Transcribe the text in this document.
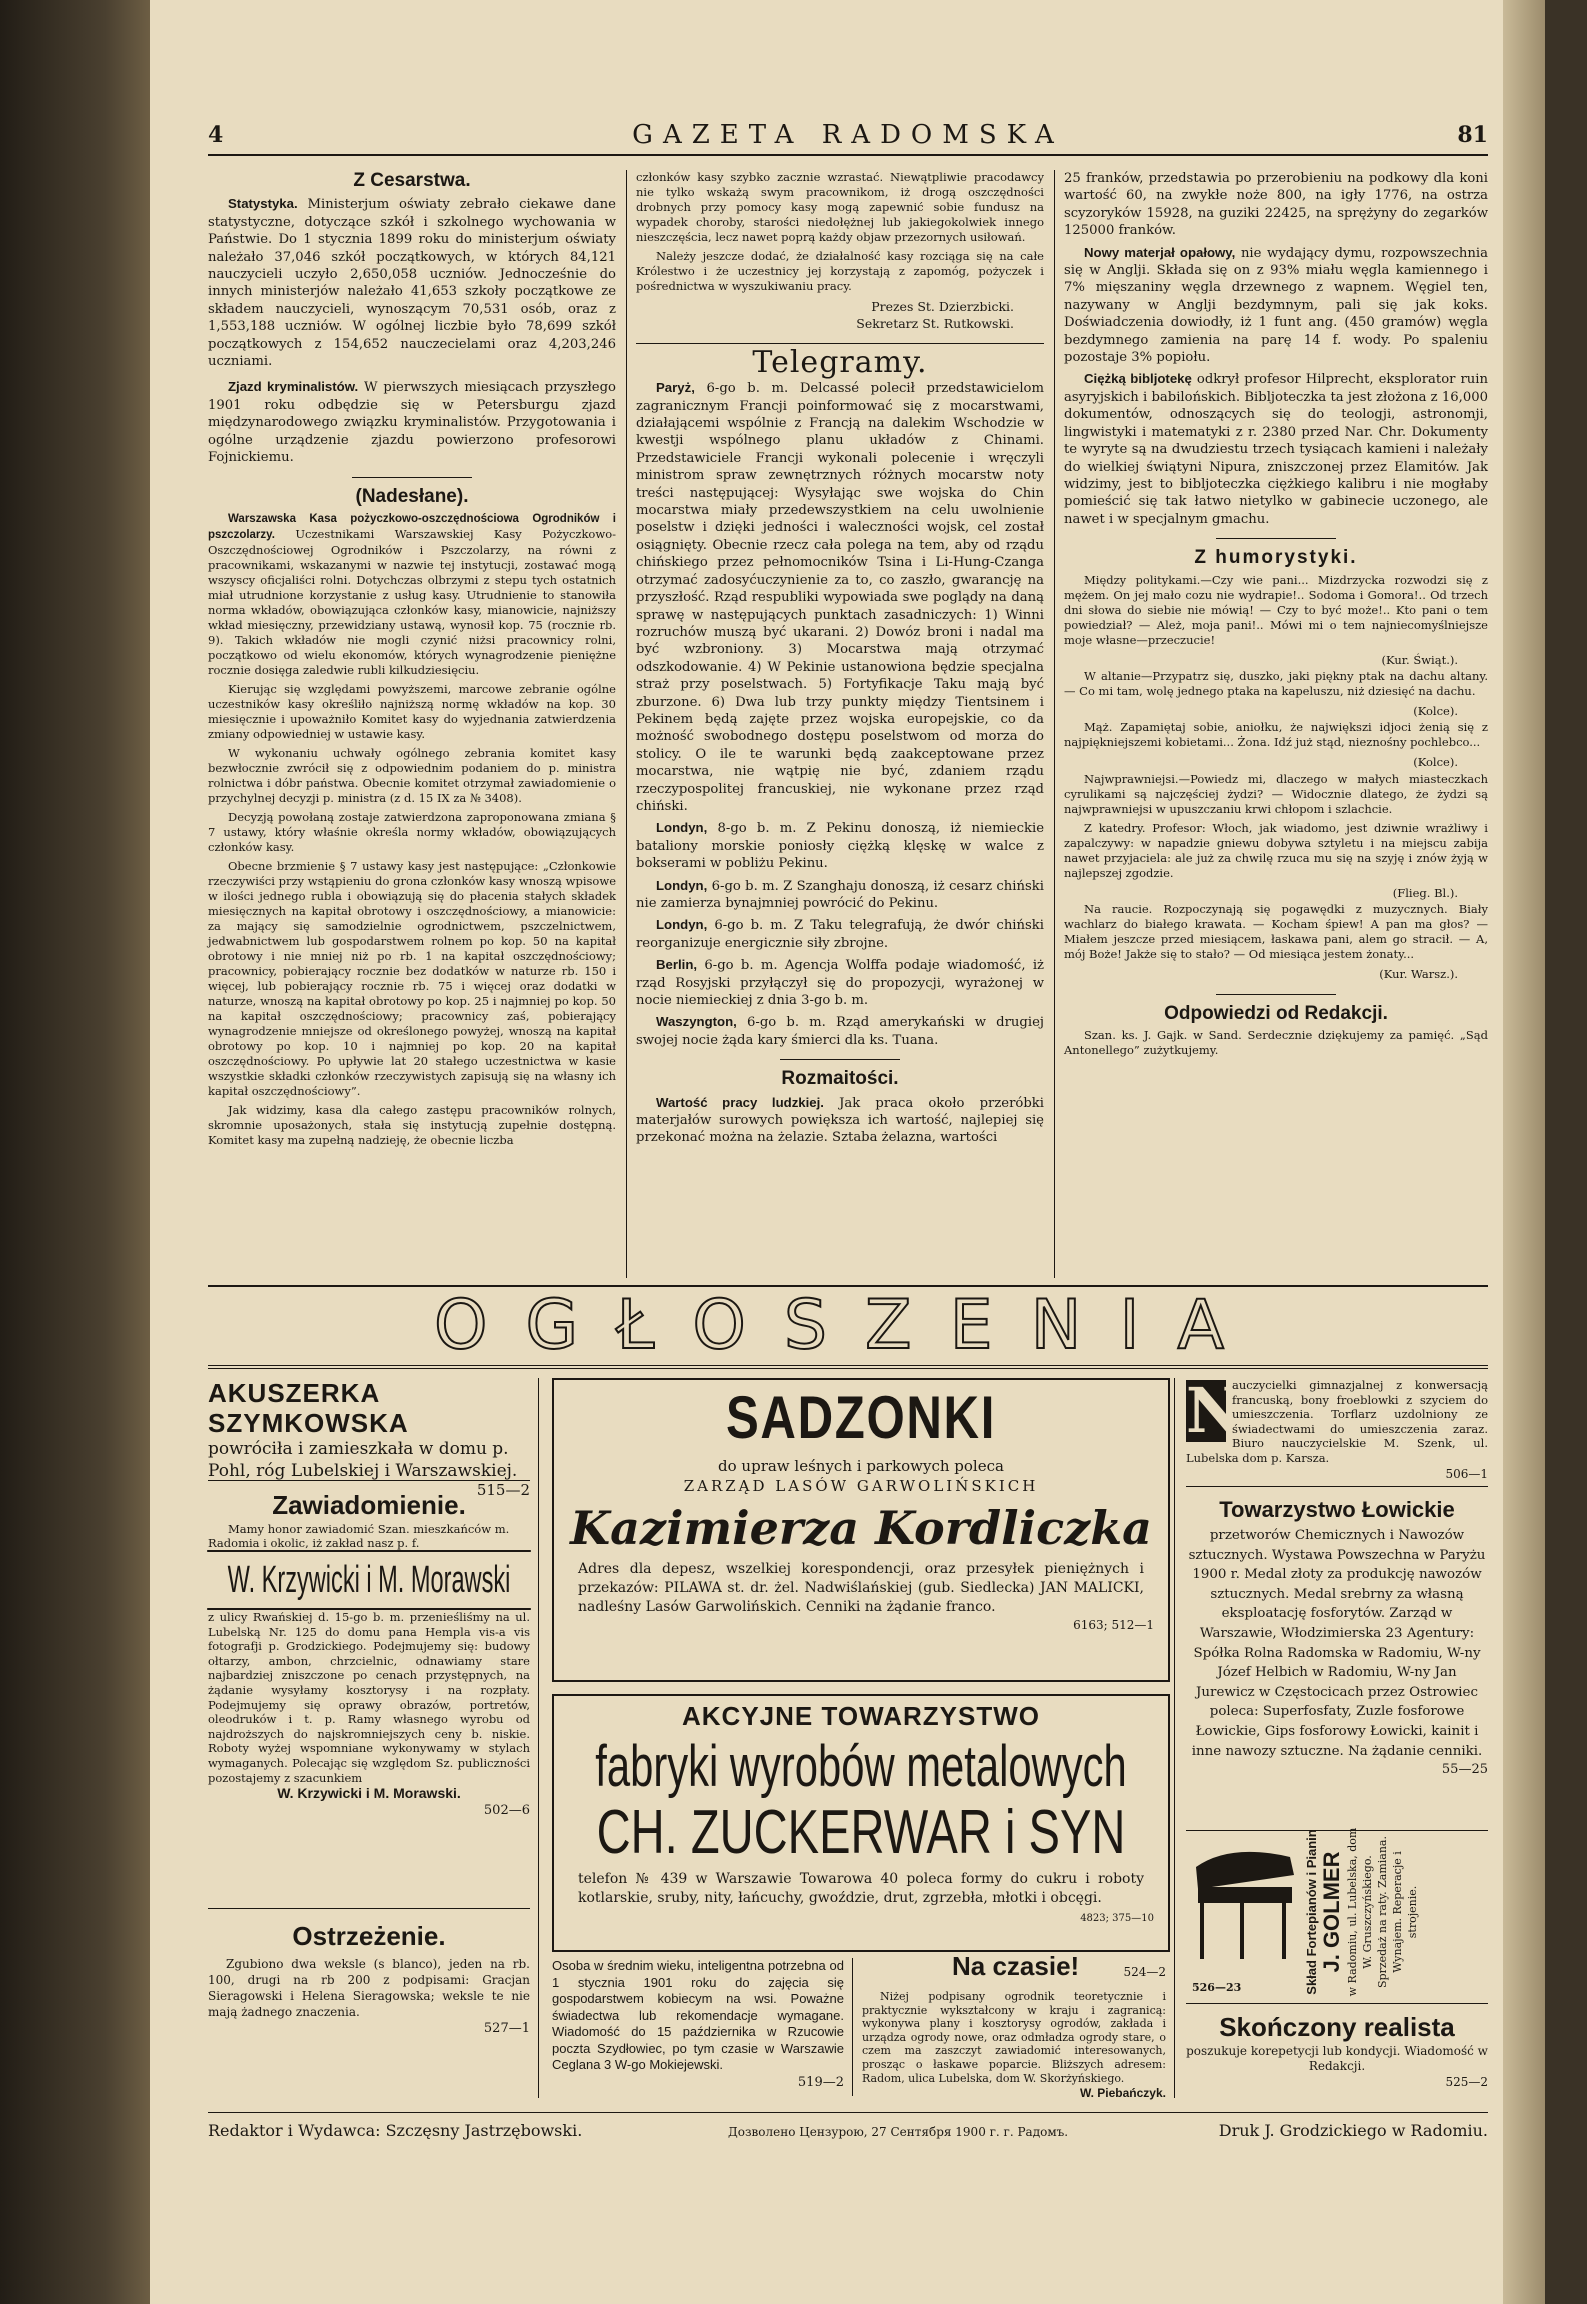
4	GAZETA RADOMSKA	81
Z Cesarstwa.

Statystyka. Ministerjum oświaty zebrało ciekawe dane statystyczne, dotyczące szkół i szkolnego wychowania w Państwie. Do 1 stycznia 1899 roku do ministerjum oświaty należało 37,046 szkół początkowych, w których 84,121 nauczycieli uczyło 2,650,058 uczniów. Jednocześnie do innych ministerjów należało 41,653 szkoły początkowe ze składem nauczycieli, wynoszącym 70,531 osób, oraz z 1,553,188 uczniów. W ogólnej liczbie było 78,699 szkół początkowych z 154,652 nauczecielami oraz 4,203,246 uczniami.

Zjazd kryminalistów. W pierwszych miesiącach przyszłego 1901 roku odbędzie się w Petersburgu zjazd międzynarodowego związku kryminalistów. Przygotowania i ogólne urządzenie zjazdu powierzono profesorowi Fojnickiemu.

(Nadesłane).

Warszawska Kasa pożyczkowo-oszczędnościowa Ogrodników i pszczolarzy. Uczestnikami Warszawskiej Kasy Pożyczkowo-Oszczędnościowej Ogrodników i Pszczolarzy, na równi z pracownikami, wskazanymi w nazwie tej instytucji, zostawać mogą wszyscy oficjaliści rolni. Dotychczas olbrzymi z stepu tych ostatnich miał utrudnione korzystanie z usług kasy. Utrudnienie to stanowiła norma wkładów, obowiązująca członków kasy, mianowicie, najniższy wkład miesięczny, przewidziany ustawą, wynosił kop. 75 (rocznie rb. 9). Takich wkładów nie mogli czynić niżsi pracownicy rolni, początkowo od wielu ekonomów, których wynagrodzenie pieniężne rocznie dosięga zaledwie rubli kilkudziesięciu.

Kierując się względami powyższemi, marcowe zebranie ogólne uczestników kasy określiło najniższą normę wkładów na kop. 30 miesięcznie i upoważniło Komitet kasy do wyjednania zatwierdzenia zmiany odpowiedniej w ustawie kasy.

W wykonaniu uchwały ogólnego zebrania komitet kasy bezwłocznie zwrócił się z odpowiednim podaniem do p. ministra rolnictwa i dóbr państwa. Obecnie komitet otrzymał zawiadomienie o przychylnej decyzji p. ministra (z d. 15 IX za № 3408).

Decyzją powołaną zostaje zatwierdzona zaproponowana zmiana § 7 ustawy, który właśnie określa normy wkładów, obowiązujących członków kasy.

Obecne brzmienie § 7 ustawy kasy jest następujące: „Członkowie rzeczywiści przy wstąpieniu do grona członków kasy wnoszą wpisowe w ilości jednego rubla i obowiązują się do płacenia stałych składek miesięcznych na kapitał obrotowy i oszczędnościowy, a mianowicie: za mający się samodzielnie ogrodnictwem, pszczelnictwem, jedwabnictwem lub gospodarstwem rolnem po kop. 50 na kapitał obrotowy i nie mniej niż po rb. 1 na kapitał oszczędnościowy; pracownicy, pobierający rocznie bez dodatków w naturze rb. 150 i więcej, lub pobierający rocznie rb. 75 i więcej oraz dodatki w naturze, wnoszą na kapitał obrotowy po kop. 25 i najmniej po kop. 50 na kapitał oszczędnościowy; pracownicy zaś, pobierający wynagrodzenie mniejsze od określonego powyżej, wnoszą na kapitał obrotowy po kop. 10 i najmniej po kop. 20 na kapitał oszczędnościowy. Po upływie lat 20 stałego uczestnictwa w kasie wszystkie składki członków rzeczywistych zapisują się na własny ich kapitał oszczędnościowy”.

Jak widzimy, kasa dla całego zastępu pracowników rolnych, skromnie uposażonych, stała się instytucją zupełnie dostępną. Komitet kasy ma zupełną nadzieję, że obecnie liczba

członków kasy szybko zacznie wzrastać. Niewątpliwie pracodawcy nie tylko wskażą swym pracownikom, iż drogą oszczędności drobnych przy pomocy kasy mogą zapewnić sobie fundusz na wypadek choroby, starości niedołężnej lub jakiegokolwiek innego nieszczęścia, lecz nawet poprą każdy objaw przezornych usiłowań.

Należy jeszcze dodać, że działalność kasy rozciąga się na całe Królestwo i że uczestnicy jej korzystają z zapomóg, pożyczek i pośrednictwa w wyszukiwaniu pracy.

Prezes St. Dzierzbicki.
Sekretarz St. Rutkowski.
Telegramy.

Paryż, 6-go b. m. Delcassé polecił przedstawicielom zagranicznym Francji poinformować się z mocarstwami, działającemi wspólnie z Francją na dalekim Wschodzie w kwestji wspólnego planu układów z Chinami. Przedstawiciele Francji wykonali polecenie i wręczyli ministrom spraw zewnętrznych różnych mocarstw noty treści następującej: Wysyłając swe wojska do Chin mocarstwa miały przedewszystkiem na celu uwolnienie poselstw i dzięki jedności i waleczności wojsk, cel został osiągnięty. Obecnie rzecz cała polega na tem, aby od rządu chińskiego przez pełnomocników Tsina i Li-Hung-Czanga otrzymać zadosyćuczynienie za to, co zaszło, gwarancję na przyszłość. Rząd respubliki wypowiada swe poglądy na daną sprawę w następujących punktach zasadniczych: 1) Winni rozruchów muszą być ukarani. 2) Dowóz broni i nadal ma być wzbroniony. 3) Mocarstwa mają otrzymać odszkodowanie. 4) W Pekinie ustanowiona będzie specjalna straż przy poselstwach. 5) Fortyfikacje Taku mają być zburzone. 6) Dwa lub trzy punkty między Tientsinem i Pekinem będą zajęte przez wojska europejskie, co da możność swobodnego dostępu poselstwom od morza do stolicy. O ile te warunki będą zaakceptowane przez mocarstwa, nie wątpię nie być, zdaniem rządu rzeczypospolitej francuskiej, nie wykonane przez rząd chiński.

Londyn, 8-go b. m. Z Pekinu donoszą, iż niemieckie bataliony morskie poniosły ciężką klęskę w walce z bokserami w pobliżu Pekinu.

Londyn, 6-go b. m. Z Szanghaju donoszą, iż cesarz chiński nie zamierza bynajmniej powrócić do Pekinu.

Londyn, 6-go b. m. Z Taku telegrafują, że dwór chiński reorganizuje energicznie siły zbrojne.

Berlin, 6-go b. m. Agencja Wolffa podaje wiadomość, iż rząd Rosyjski przyłączył się do propozycji, wyrażonej w nocie niemieckiej z dnia 3-go b. m.

Waszyngton, 6-go b. m. Rząd amerykański w drugiej swojej nocie żąda kary śmierci dla ks. Tuana.

Rozmaitości.

Wartość pracy ludzkiej. Jak praca około przeróbki materjałów surowych powiększa ich wartość, najlepiej się przekonać można na żelazie. Sztaba żelazna, wartości

25 franków, przedstawia po przerobieniu na podkowy dla koni wartość 60, na zwykłe noże 800, na igły 1776, na ostrza scyzoryków 15928, na guziki 22425, na sprężyny do zegarków 125000 franków.

Nowy materjał opałowy, nie wydający dymu, rozpowszechnia się w Anglji. Składa się on z 93% miału węgla kamiennego i 7% mięszaniny węgla drzewnego z wapnem. Węgiel ten, nazywany w Anglji bezdymnym, pali się jak koks. Doświadczenia dowiodły, iż 1 funt ang. (450 gramów) węgla bezdymnego zamienia na parę 14 f. wody. Po spaleniu pozostaje 3% popiołu.

Ciężką bibljotekę odkrył profesor Hilprecht, eksplorator ruin asyryjskich i babilońskich. Bibljoteczka ta jest złożona z 16,000 dokumentów, odnoszących się do teologji, astronomji, lingwistyki i matematyki z r. 2380 przed Nar. Chr. Dokumenty te wyryte są na dwudziestu trzech tysiącach kamieni i należały do wielkiej świątyni Nipura, zniszczonej przez Elamitów. Jak widzimy, jest to bibljoteczka ciężkiego kalibru i nie mogłaby pomieścić się tak łatwo nietylko w gabinecie uczonego, ale nawet i w specjalnym gmachu.

Z humorystyki.

Między politykami.—Czy wie pani... Mizdrzycka rozwodzi się z mężem. On jej mało cozu nie wydrapie!.. Sodoma i Gomora!.. Od trzech dni słowa do siebie nie mówią! — Czy to być może!.. Kto pani o tem powiedział? — Ależ, moja pani!.. Mówi mi o tem najniecomyślniejsze moje własne—przeczucie!

(Kur. Świąt.).

W altanie—Przypatrz się, duszko, jaki piękny ptak na dachu altany. — Co mi tam, wolę jednego ptaka na kapeluszu, niż dziesięć na dachu.

(Kolce).

Mąż. Zapamiętaj sobie, aniołku, że największi idjoci żenią się z najpiękniejszemi kobietami... Żona. Idź już stąd, nieznośny pochlebco...

(Kolce).

Najwprawniejsi.—Powiedz mi, dlaczego w małych miasteczkach cyrulikami są najczęściej żydzi? — Widocznie dlatego, że żydzi są najwprawniejsi w upuszczaniu krwi chłopom i szlachcie.

Z katedry. Profesor: Włoch, jak wiadomo, jest dziwnie wrażliwy i zapalczywy: w napadzie gniewu dobywa sztyletu i na miejscu zabija nawet przyjaciela: ale już za chwilę rzuca mu się na szyję i znów żyją w najlepszej zgodzie.

(Flieg. Bl.).

Na raucie. Rozpoczynają się pogawędki z muzycznych. Biały wachlarz do białego krawata. — Kocham śpiew! A pan ma głos? — Miałem jeszcze przed miesiącem, łaskawa pani, alem go stracił. — A, mój Boże! Jakże się to stało? — Od miesiąca jestem żonaty...

(Kur. Warsz.).
Odpowiedzi od Redakcji.

Szan. ks. J. Gajk. w Sand. Serdecznie dziękujemy za pamięć. „Sąd Antonellego” zużytkujemy.

OGŁOSZENIA
AKUSZERKA SZYMKOWSKA
powróciła i zamieszkała w domu p. Pohl, róg Lubelskiej i Warszawskiej.
515—2
Zawiadomienie.
Mamy honor zawiadomić Szan. mieszkańców m. Radomia i okolic, iż zakład nasz p. f.
W. Krzywicki i M. Morawski
z ulicy Rwańskiej d. 15-go b. m. przenieśliśmy na ul. Lubelską Nr. 125 do domu pana Hempla vis-a vis fotografji p. Grodzickiego. Podejmujemy się: budowy ołtarzy, ambon, chrzcielnic, odnawiamy stare najbardziej zniszczone po cenach przystępnych, na żądanie wysyłamy kosztorysy i na rozpłaty. Podejmujemy się oprawy obrazów, portretów, oleodruków i t. p. Ramy własnego wyrobu od najdroższych do najskromniejszych ceny b. niskie. Roboty wyżej wspomniane wykonywamy w stylach wymaganych. Polecając się względom Sz. publiczności pozostajemy z szacunkiem
W. Krzywicki i M. Morawski.
502—6
Ostrzeżenie.
Zgubiono dwa weksle (s blanco), jeden na rb. 100, drugi na rb 200 z podpisami: Gracjan Sieragowski i Helena Sieragowska; weksle te nie mają żadnego znaczenia.
527—1
SADZONKI
do upraw leśnych i parkowych poleca
ZARZĄD LASÓW GARWOLIŃSKICH
Kazimierza Kordliczka
Adres dla depesz, wszelkiej korespondencji, oraz przesyłek pieniężnych i przekazów: PILAWA st. dr. żel. Nadwiślańskiej (gub. Siedlecka) JAN MALICKI, nadleśny Lasów Garwolińskich. Cenniki na żądanie franco.
6163; 512—1
AKCYJNE TOWARZYSTWO
fabryki wyrobów metalowych
CH. ZUCKERWAR i SYN
telefon № 439 w Warszawie Towarowa 40 poleca formy do cukru i roboty kotlarskie, sruby, nity, łańcuchy, gwoździe, drut, zgrzebła, młotki i obcęgi.
4823; 375—10
Osoba w średnim wieku, inteligentna potrzebna od 1 stycznia 1901 roku do zajęcia się gospodarstwem kobiecym na wsi. Poważne świadectwa lub rekomendacje wymagane. Wiadomość do 15 października w Rzucowie poczta Szydłowiec, po tym czasie w Warszawie Ceglana 3 W-go Mokiejewski.
519—2
Na czasie!	524—2
Niżej podpisany ogrodnik teoretycznie i praktycznie wykształcony w kraju i zagranicą: wykonywa plany i kosztorysy ogrodów, zakłada i urządza ogrody nowe, oraz odmładza ogrody stare, o czem ma zaszczyt zawiadomić interesowanych, prosząc o łaskawe poparcie. Bliższych adresem: Radom, ulica Lubelska, dom W. Skorżyńskiego.
W. Piebańczyk.
N
auczycielki gimnazjalnej z konwersacją francuską, bony froeblowki z szyciem do umieszczenia. Torflarz uzdolniony ze świadectwami do umieszczenia zaraz. Biuro nauczycielskie M. Szenk, ul. Lubelska dom p. Karsza.
506—1
Towarzystwo Łowickie
przetworów Chemicznych i Nawozów sztucznych. Wystawa Powszechna w Paryżu 1900 r. Medal złoty za produkcję nawozów sztucznych. Medal srebrny za własną eksploatację fosforytów. Zarząd w Warszawie, Włodzimierska 23 Agentury: Spółka Rolna Radomska w Radomiu, W-ny Józef Helbich w Radomiu, W-ny Jan Jurewicz w Częstocicach przez Ostrowiec poleca: Superfosfaty, Zuzle fosforowe Łowickie, Gips fosforowy Łowicki, kainit i inne nawozy sztuczne. Na żądanie cenniki.
55—25
526—23	Skład Fortepianów i Pianin J. GOLMER w Radomiu, ul. Lubelska, dom W. Gruszczyńskiego. Sprzedaż na raty. Zamiana. Wynajem. Reperacje i strojenie.
Skończony realista
poszukuje korepetycji lub kondycji. Wiadomość w Redakcji.
525—2
Redaktor i Wydawca: Szczęsny Jastrzębowski.	Дозволено Цензурою, 27 Сентября 1900 г. г. Радомъ.	Druk J. Grodzickiego w Radomiu.
